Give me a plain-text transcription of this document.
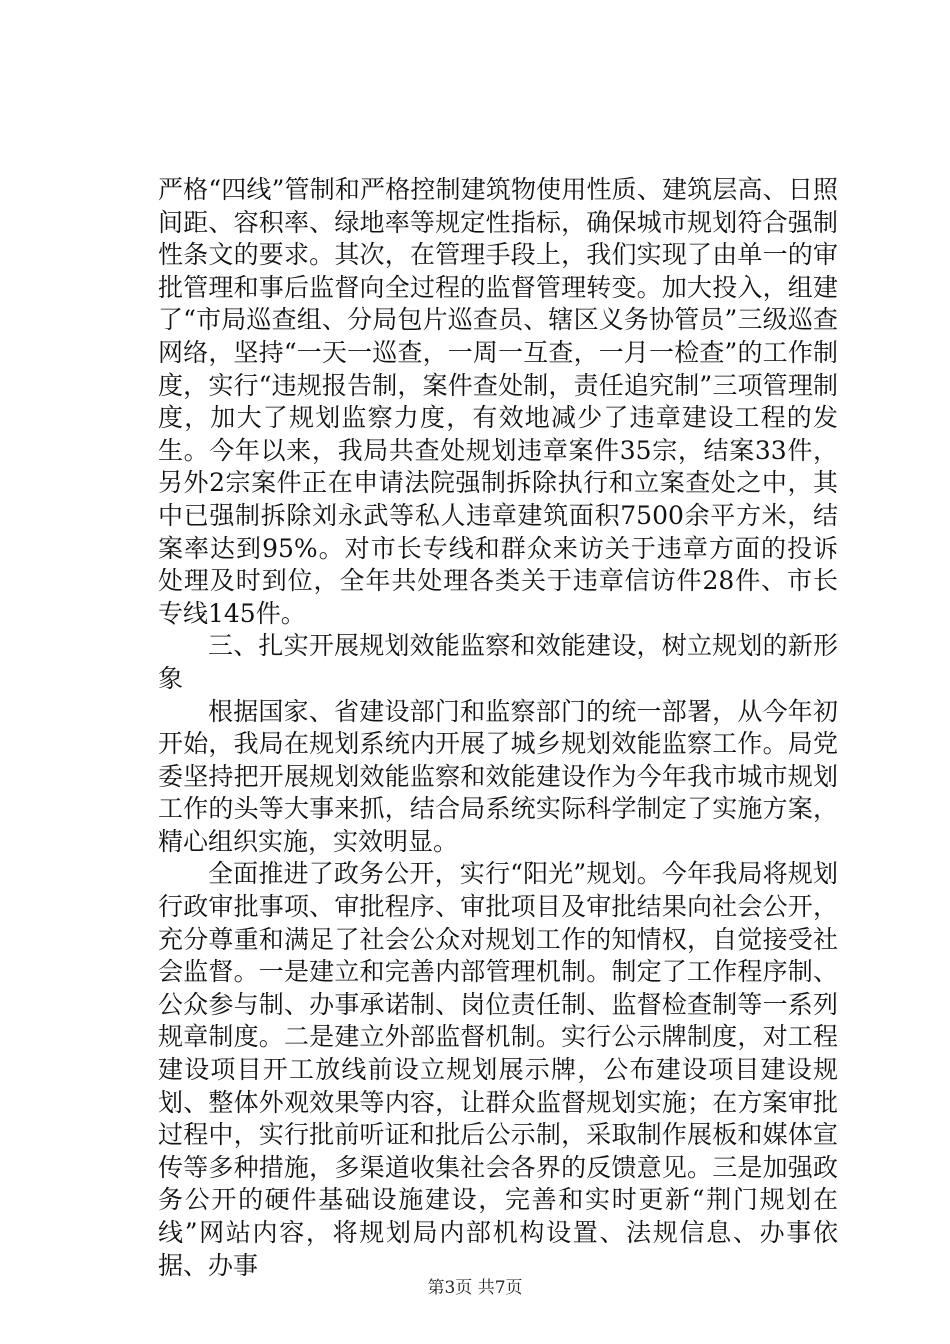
严格“四线”管制和严格控制建筑物使用性质、建筑层高、日照间距、容积率、绿地率等规定性指标，确保城市规划符合强制性条文的要求。其次，在管理手段上，我们实现了由单一的审批管理和事后监督向全过程的监督管理转变。加大投入，组建了“市局巡查组、分局包片巡查员、辖区义务协管员”三级巡查网络，坚持“一天一巡查，一周一互查，一月一检查”的工作制度，实行“违规报告制，案件查处制，责任追究制”三项管理制度，加大了规划监察力度，有效地减少了违章建设工程的发生。今年以来，我局共查处规划违章案件35宗，结案33件，另外2宗案件正在申请法院强制拆除执行和立案查处之中，其中已强制拆除刘永武等私人违章建筑面积7500余平方米，结案率达到95%。对市长专线和群众来访关于违章方面的投诉处理及时到位，全年共处理各类关于违章信访件28件、市长专线145件。

三、扎实开展规划效能监察和效能建设，树立规划的新形象

根据国家、省建设部门和监察部门的统一部署，从今年初开始，我局在规划系统内开展了城乡规划效能监察工作。局党委坚持把开展规划效能监察和效能建设作为今年我市城市规划工作的头等大事来抓，结合局系统实际科学制定了实施方案，精心组织实施，实效明显。

全面推进了政务公开，实行“阳光”规划。今年我局将规划行政审批事项、审批程序、审批项目及审批结果向社会公开，充分尊重和满足了社会公众对规划工作的知情权，自觉接受社会监督。一是建立和完善内部管理机制。制定了工作程序制、公众参与制、办事承诺制、岗位责任制、监督检查制等一系列规章制度。二是建立外部监督机制。实行公示牌制度，对工程建设项目开工放线前设立规划展示牌，公布建设项目建设规划、整体外观效果等内容，让群众监督规划实施；在方案审批过程中，实行批前听证和批后公示制，采取制作展板和媒体宣传等多种措施，多渠道收集社会各界的反馈意见。三是加强政务公开的硬件基础设施建设，完善和实时更新“荆门规划在线”网站内容，将规划局内部机构设置、法规信息、办事依据、办事

第3页 共7页
